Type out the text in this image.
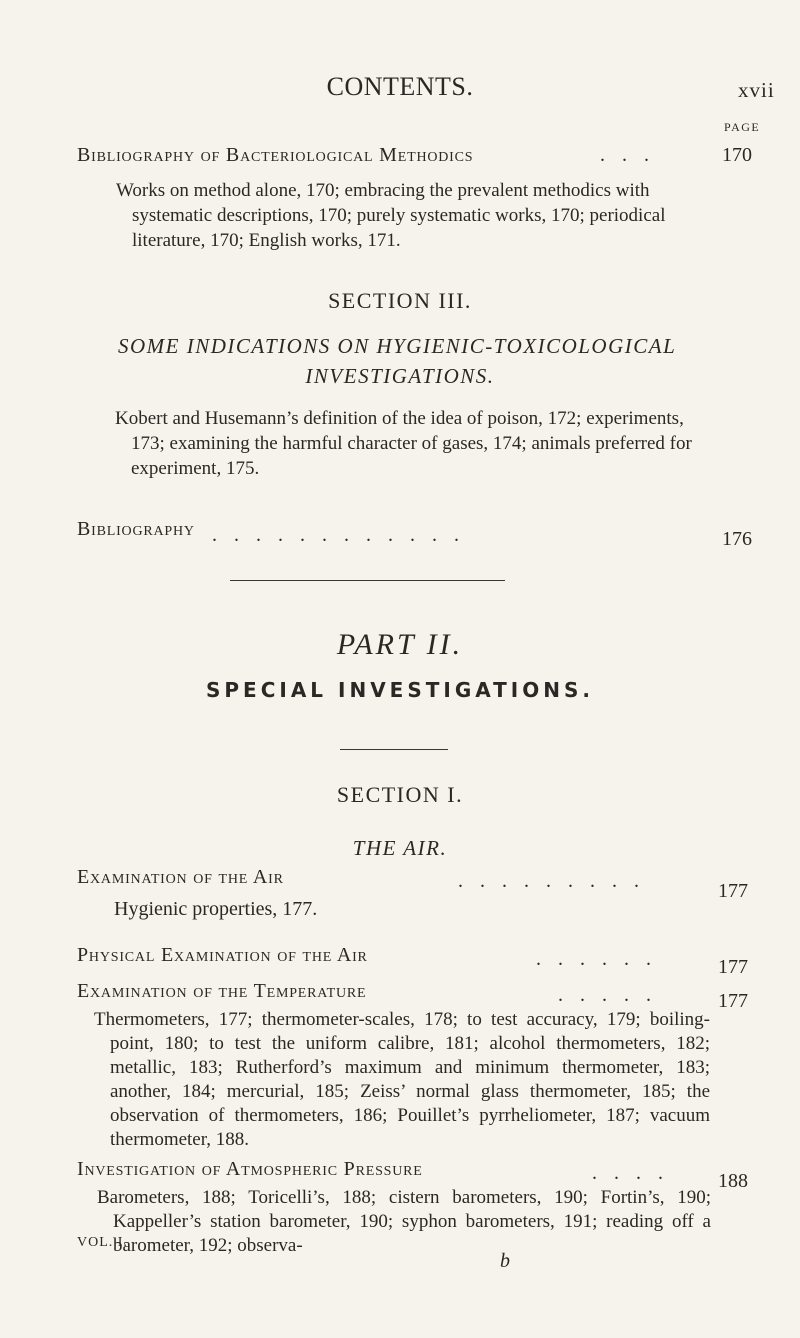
CONTENTS.	xvii
PAGE
Bibliography of Bacteriological Methodics	. . .	170
Works on method alone, 170; embracing the prevalent methodics with systematic descriptions, 170; purely systematic works, 170; periodical literature, 170; English works, 171.
SECTION III.
SOME INDICATIONS ON HYGIENIC-TOXICOLOGICAL
INVESTIGATIONS.
Kobert and Husemann’s definition of the idea of poison, 172; experiments, 173; examining the harmful character of gases, 174; animals preferred for experiment, 175.
Bibliography . . . . . . . . . . . .	176
PART II.
SPECIAL INVESTIGATIONS.
SECTION I.
THE AIR.
Examination of the Air	. . . . . . . . .	177
Hygienic properties, 177.
Physical Examination of the Air	. . . . . .	177
Examination of the Temperature	. . . . .	177
Thermometers, 177; thermometer-scales, 178; to test accuracy, 179; boiling-point, 180; to test the uniform calibre, 181; alcohol thermometers, 182; metallic, 183; Rutherford’s maximum and minimum thermometer, 183; another, 184; mercurial, 185; Zeiss’ normal glass thermometer, 185; the observation of thermometers, 186; Pouillet’s pyrrheliometer, 187; vacuum thermometer, 188.
Investigation of Atmospheric Pressure	. . . . 188
Barometers, 188; Toricelli’s, 188; cistern barometers, 190; Fortin’s, 190; Kappeller’s station barometer, 190; syphon barometers, 191; reading off a barometer, 192; observa-
VOL. I.
b
